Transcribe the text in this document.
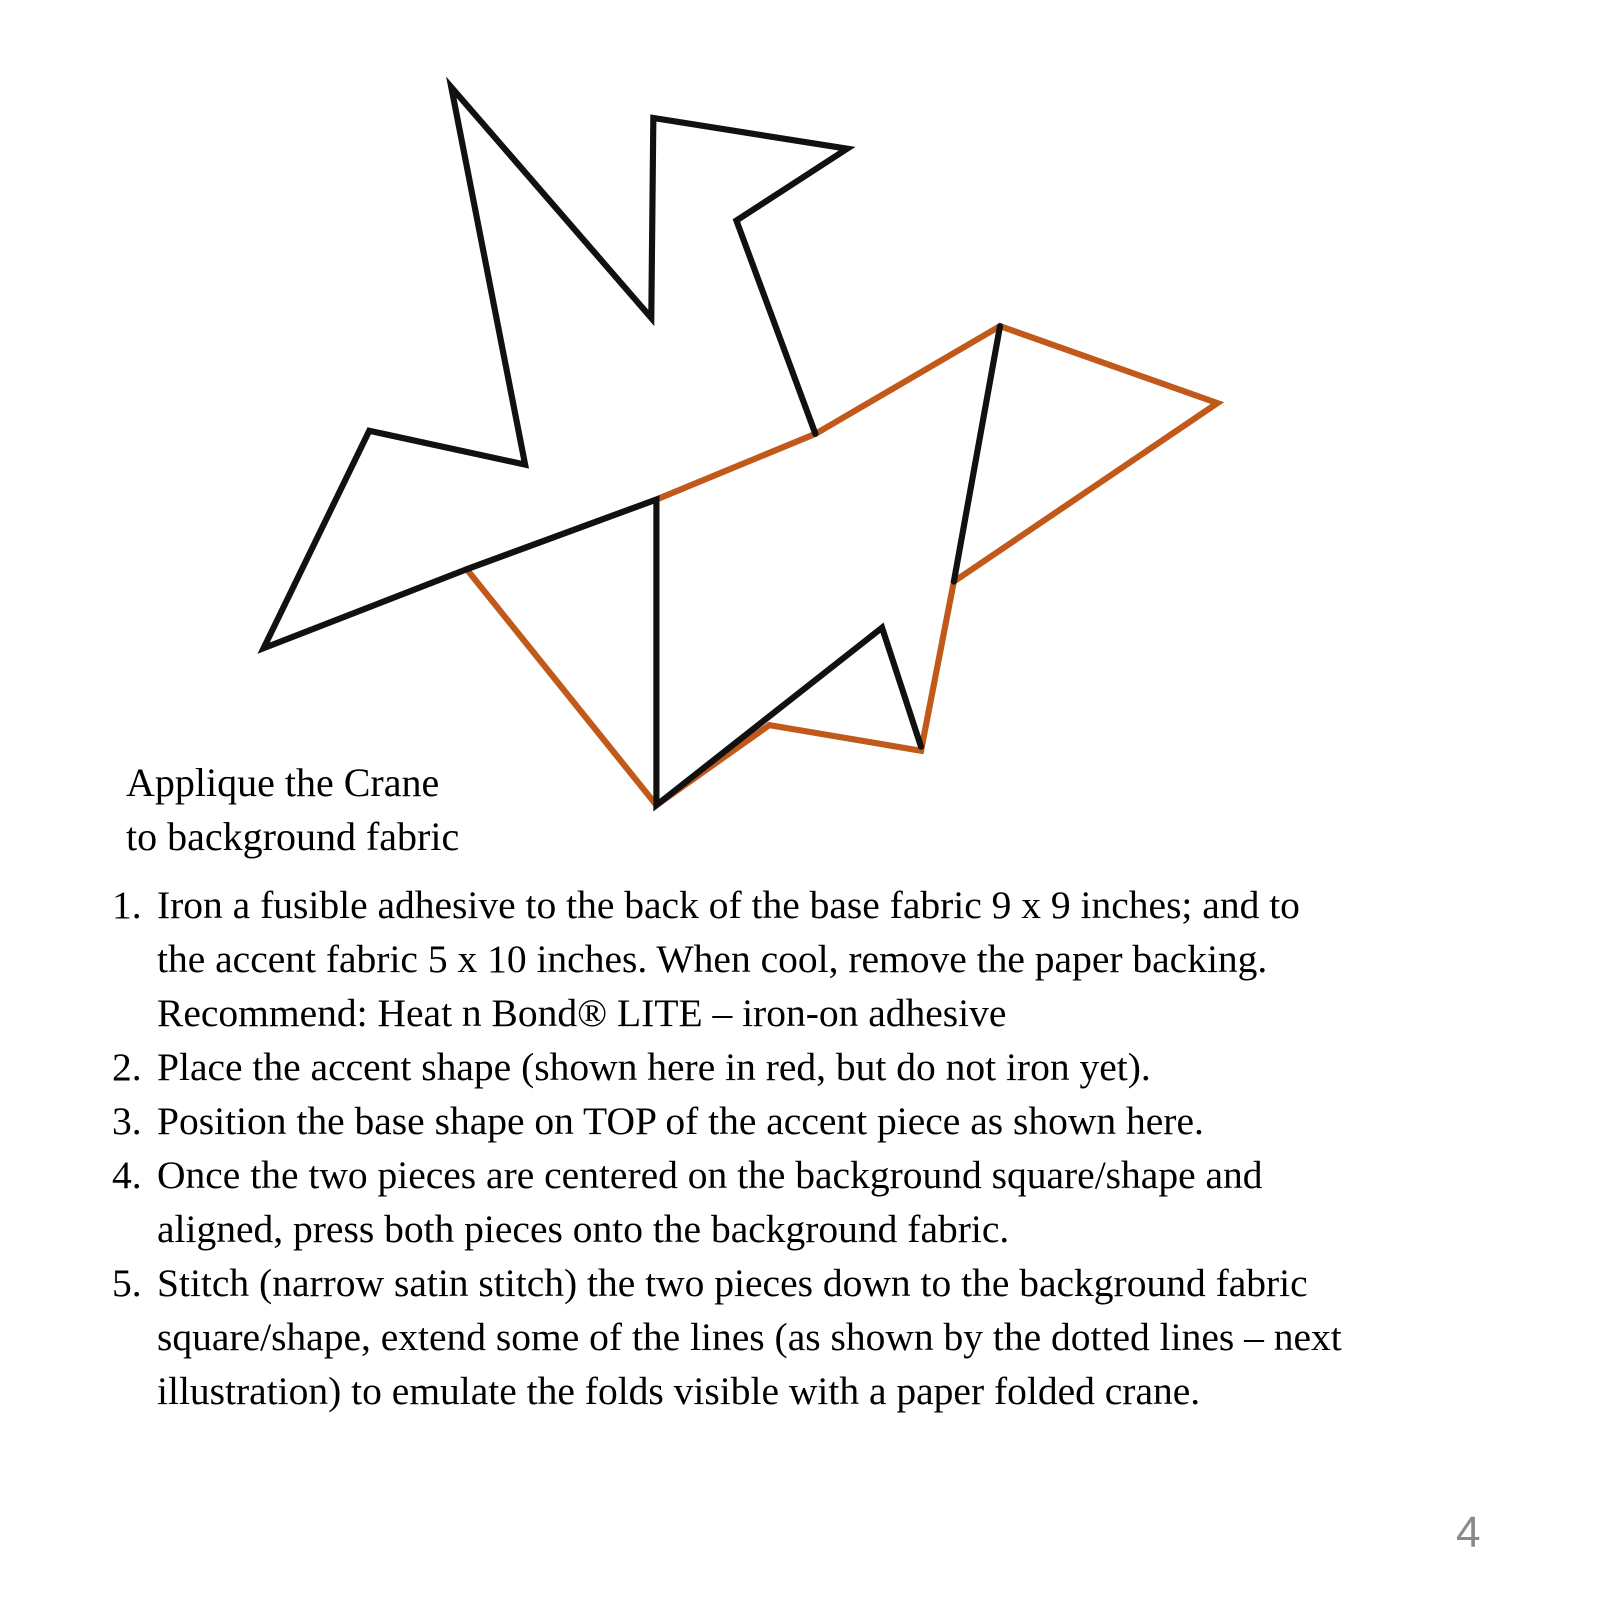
Applique the Crane
to background fabric
1. Iron a fusible adhesive to the back of the base fabric 9 x 9 inches; and to
the accent fabric 5 x 10 inches. When cool, remove the paper backing.
Recommend: Heat n Bond® LITE – iron-on adhesive
2. Place the accent shape (shown here in red, but do not iron yet).
3. Position the base shape on TOP of the accent piece as shown here.
4. Once the two pieces are centered on the background square/shape and
aligned, press both pieces onto the background fabric.
5. Stitch (narrow satin stitch) the two pieces down to the background fabric
square/shape, extend some of the lines (as shown by the dotted lines – next
illustration) to emulate the folds visible with a paper folded crane.
4
